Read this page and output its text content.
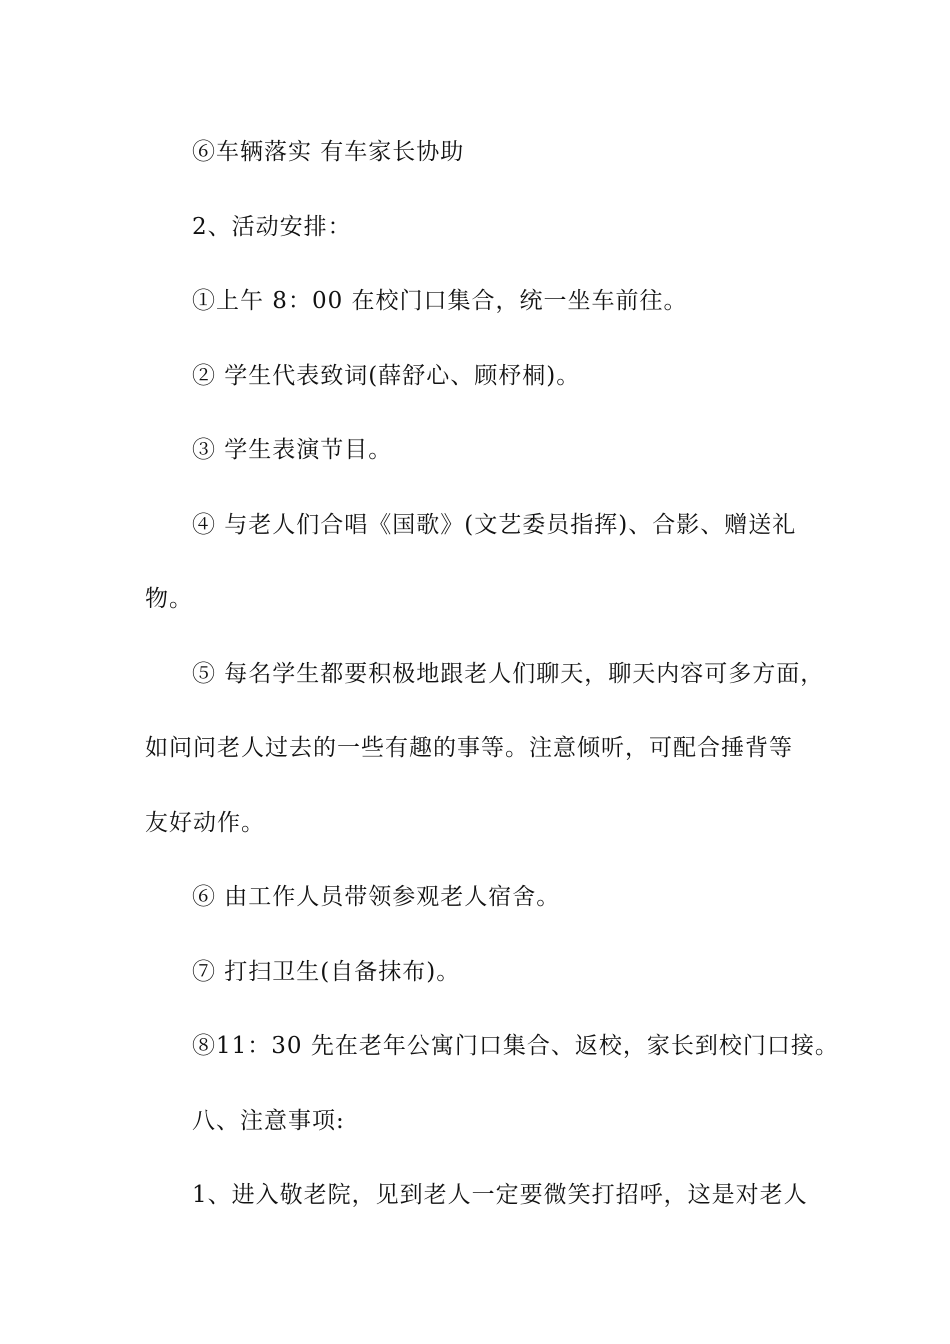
⑥车辆落实 有车家长协助
2、活动安排：
①上午 8：00 在校门口集合，统一坐车前往。
② 学生代表致词(薛舒心、顾杼桐)。
③ 学生表演节目。
④ 与老人们合唱《国歌》(文艺委员指挥)、合影、赠送礼
物。
⑤ 每名学生都要积极地跟老人们聊天，聊天内容可多方面，
如问问老人过去的一些有趣的事等。注意倾听，可配合捶背等
友好动作。
⑥ 由工作人员带领参观老人宿舍。
⑦ 打扫卫生(自备抹布)。
⑧11：30 先在老年公寓门口集合、返校，家长到校门口接。
八、注意事项:
1、进入敬老院，见到老人一定要微笑打招呼，这是对老人
